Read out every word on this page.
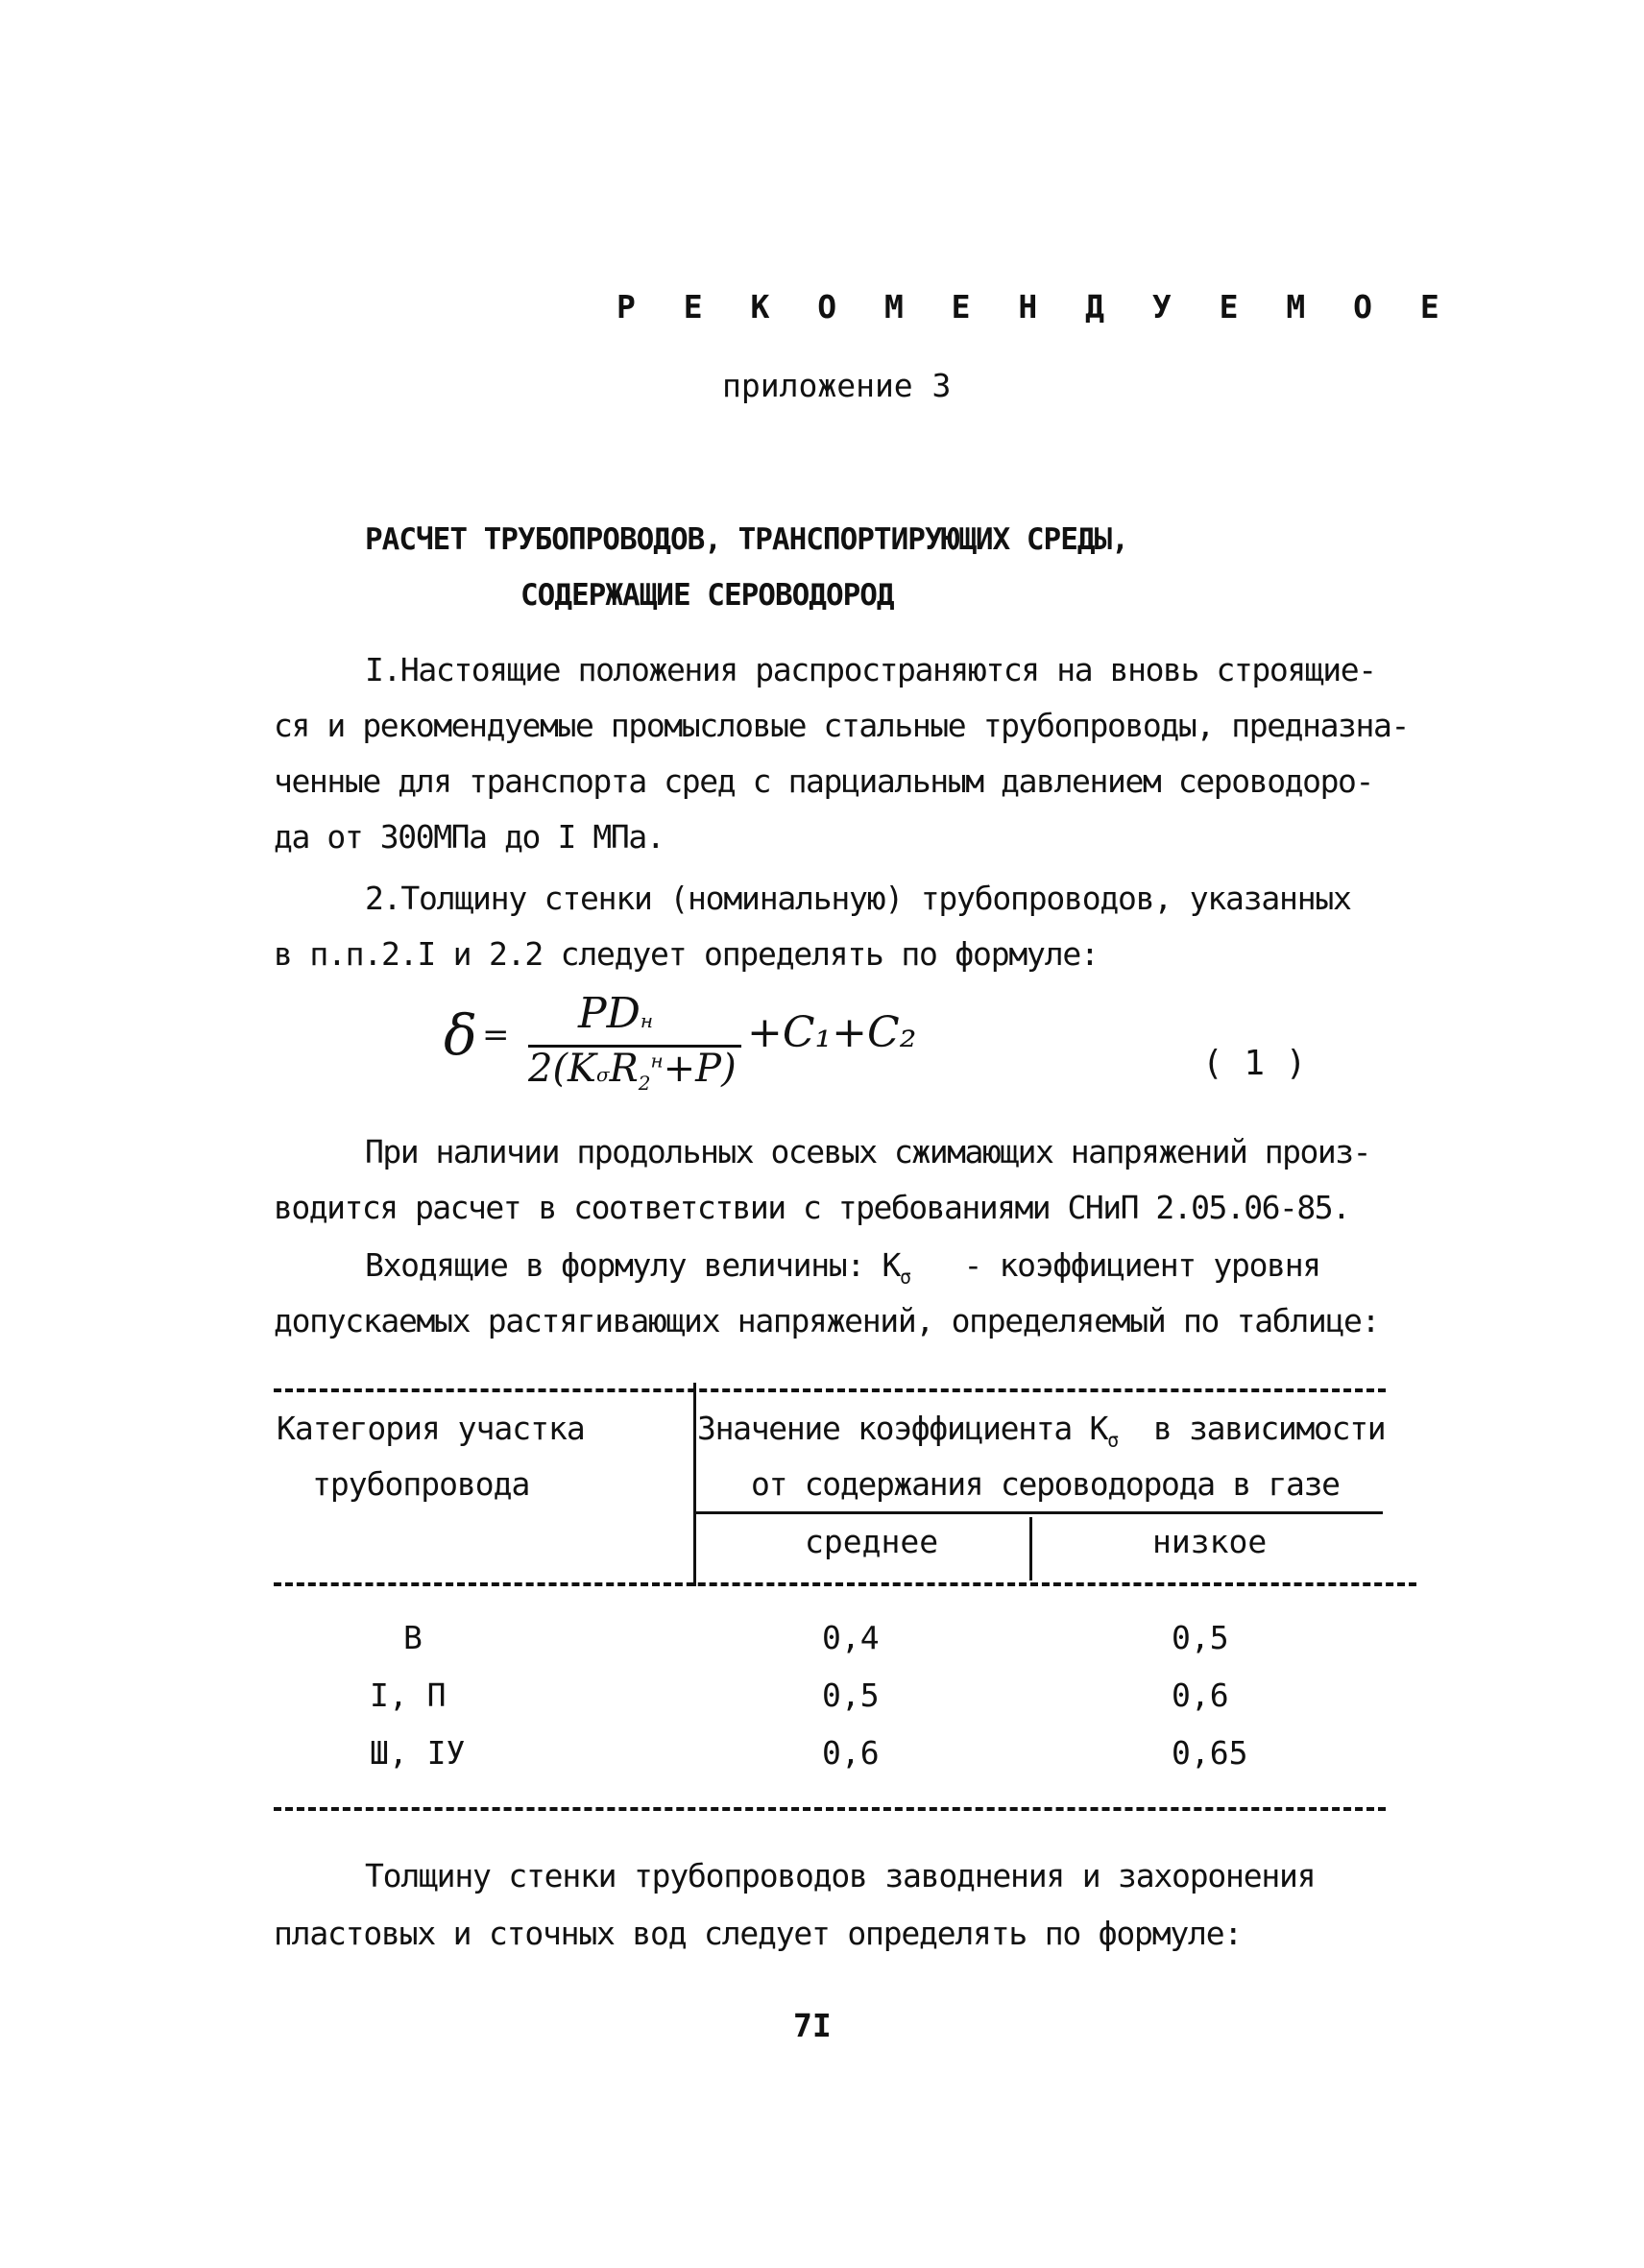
Р Е К О М Е Н Д У Е М О Е
приложение 3
РАСЧЕТ ТРУБОПРОВОДОВ, ТРАНСПОРТИРУЮЩИХ СРЕДЫ,
СОДЕРЖАЩИЕ СЕРОВОДОРОД
I.Настоящие положения распространяются на вновь строящие-
ся и рекомендуемые промысловые стальные трубопроводы, предназна-
ченные для транспорта сред с парциальным давлением сероводоро-
да от 300МПа до I МПа.
2.Толщину стенки (номинальную) трубопроводов, указанных
в п.п.2.I и 2.2 следует определять по формуле:
δ = PDн
2(KσR$_2^н$+P)
+C₁+C₂
( 1 )
При наличии продольных осевых сжимающих напряжений произ-
водится расчет в соответствии с требованиями СНиП 2.05.06-85.
Входящие в формулу величины: $K_\sigma$ - коэффициент уровня
допускаемых растягивающих напряжений, определяемый по таблице:
Категория участка
трубопровода
Значение коэффициента $K_\sigma$ в зависимости
от содержания сероводорода в газе
среднее	низкое
В	0,4	0,5
I, П	0,5	0,6
Ш, IУ	0,6	0,65
Толщину стенки трубопроводов заводнения и захоронения
пластовых и сточных вод следует определять по формуле:
7I
